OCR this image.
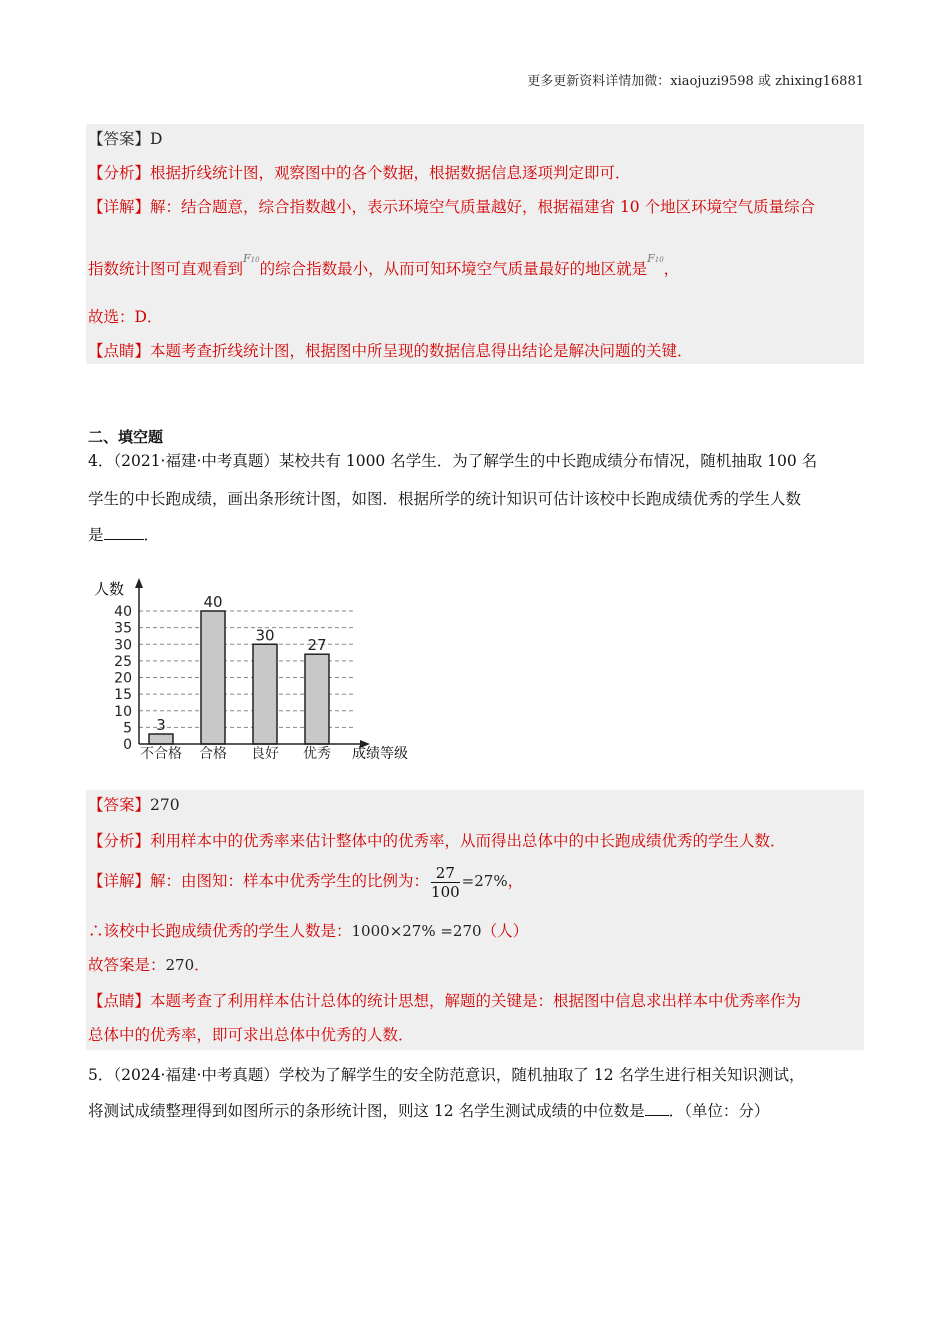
更多更新资料详情加微：xiaojuzi9598 或 zhixing16881
【答案】D
【分析】根据折线统计图，观察图中的各个数据，根据数据信息逐项判定即可．
【详解】解：结合题意，综合指数越小，表示环境空气质量越好，根据福建省 10 个地区环境空气质量综合
指数统计图可直观看到$^{F10}$的综合指数最小，从而可知环境空气质量最好的地区就是$^{F10}$，
故选：D．
【点睛】本题考查折线统计图，根据图中所呈现的数据信息得出结论是解决问题的关键．
二、填空题
4．（2021·福建·中考真题）某校共有 1000 名学生．为了解学生的中长跑成绩分布情况，随机抽取 100 名
学生的中长跑成绩，画出条形统计图，如图．根据所学的统计知识可估计该校中长跑成绩优秀的学生人数
是	．
0
5
10
15
20
25
30
35
40
3
不合格
40
合格
30
良好
27
优秀
人数
成绩等级
【答案】270
【分析】利用样本中的优秀率来估计整体中的优秀率，从而得出总体中的中长跑成绩优秀的学生人数．
【详解】解：由图知：样本中优秀学生的比例为： $\frac{27}{100} =27\%$，
∴该校中长跑成绩优秀的学生人数是：1000×27% =270（人）
故答案是：270．
【点睛】本题考查了利用样本估计总体的统计思想，解题的关键是：根据图中信息求出样本中优秀率作为
总体中的优秀率，即可求出总体中优秀的人数．
5．（2024·福建·中考真题）学校为了解学生的安全防范意识，随机抽取了 12 名学生进行相关知识测试，
将测试成绩整理得到如图所示的条形统计图，则这 12 名学生测试成绩的中位数是 ．（单位：分）
